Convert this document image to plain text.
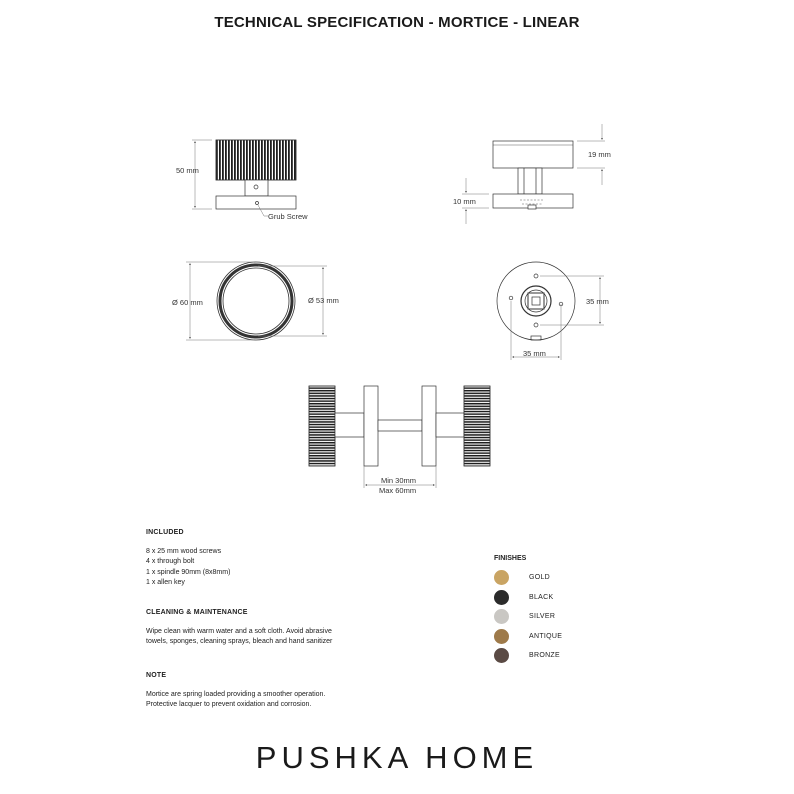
TECHNICAL SPECIFICATION - MORTICE - LINEAR
50 mm
Grub Screw
19 mm
10 mm
Ø 60 mm	Ø 53 mm	35 mm
35 mm
Min 30mm
Max 60mm
INCLUDED
8 x 25 mm wood screws
4 x through bolt
1 x spindle 90mm (8x8mm)
1 x allen key
CLEANING & MAINTENANCE
Wipe clean with warm water and a soft cloth. Avoid abrasive
towels, sponges, cleaning sprays, bleach and hand sanitizer
NOTE
Mortice are spring loaded providing a smoother operation.
Protective lacquer to prevent oxidation and corrosion.
FINISHES
GOLD
BLACK
SILVER
ANTIQUE
BRONZE
PUSHKA HOME
